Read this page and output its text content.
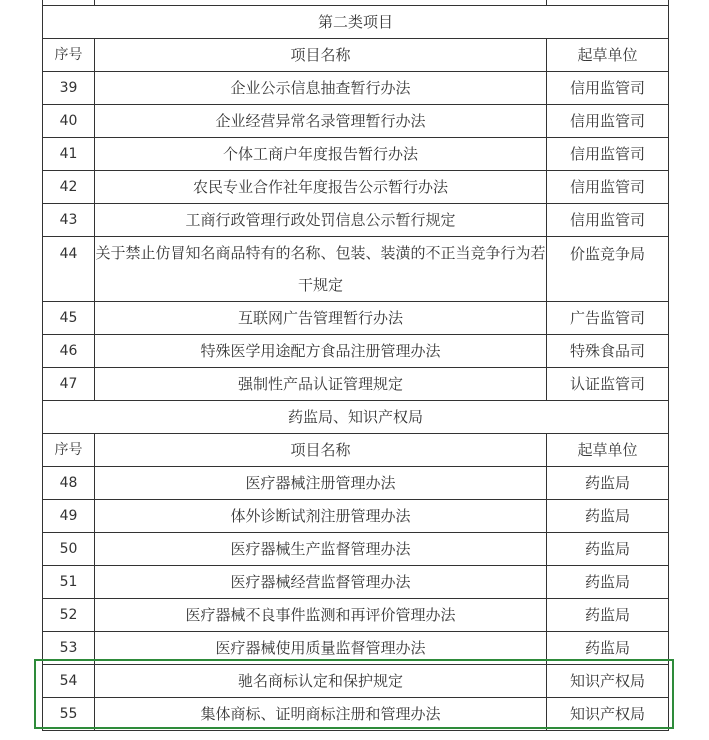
第二类项目		
序号	项目名称	起草单位
39	企业公示信息抽查暂行办法	信用监管司
40	企业经营异常名录管理暂行办法	信用监管司
41	个体工商户年度报告暂行办法	信用监管司
42	农民专业合作社年度报告公示暂行办法	信用监管司
43	工商行政管理行政处罚信息公示暂行规定	信用监管司
44	关于禁止仿冒知名商品特有的名称、包装、装潢的不正当竞争行为若干规定	价监竞争局
45	互联网广告管理暂行办法	广告监管司
46	特殊医学用途配方食品注册管理办法	特殊食品司
47	强制性产品认证管理规定	认证监管司
药监局、知识产权局		
序号	项目名称	起草单位
48	医疗器械注册管理办法	药监局
49	体外诊断试剂注册管理办法	药监局
50	医疗器械生产监督管理办法	药监局
51	医疗器械经营监督管理办法	药监局
52	医疗器械不良事件监测和再评价管理办法	药监局
53	医疗器械使用质量监督管理办法	药监局
54	驰名商标认定和保护规定	知识产权局
55	集体商标、证明商标注册和管理办法	知识产权局
